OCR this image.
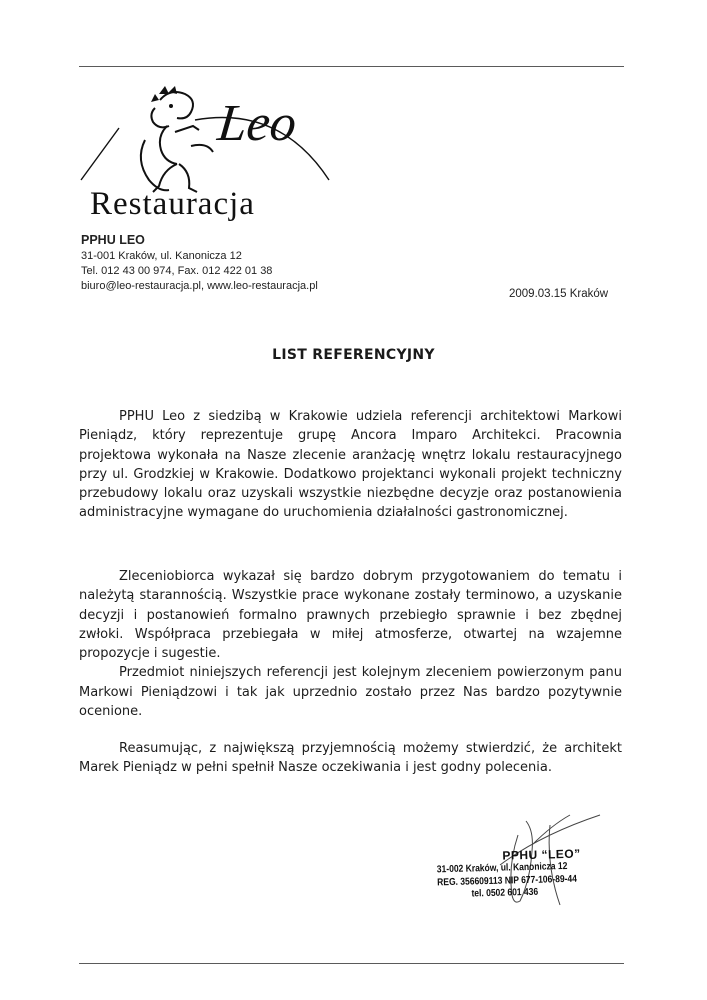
Leo
Restauracja
PPHU LEO
31-001 Kraków, ul. Kanonicza 12
Tel. 012 43 00 974, Fax. 012 422 01 38
biuro@leo-restauracja.pl, www.leo-restauracja.pl
2009.03.15 Kraków
LIST REFERENCYJNY

PPHU Leo z siedzibą w Krakowie udziela referencji architektowi Markowi Pieniądz, który reprezentuje grupę Ancora Imparo Architekci. Pracownia projektowa wykonała na Nasze zlecenie aranżację wnętrz lokalu restauracyjnego przy ul. Grodzkiej w Krakowie. Dodatkowo projektanci wykonali projekt techniczny przebudowy lokalu oraz uzyskali wszystkie niezbędne decyzje oraz postanowienia administracyjne wymagane do uruchomienia działalności gastronomicznej.

Zleceniobiorca wykazał się bardzo dobrym przygotowaniem do tematu i należytą starannością. Wszystkie prace wykonane zostały terminowo, a uzyskanie decyzji i postanowień formalno prawnych przebiegło sprawnie i bez zbędnej zwłoki. Współpraca przebiegała w miłej atmosferze, otwartej na wzajemne propozycje i sugestie.

Przedmiot niniejszych referencji jest kolejnym zleceniem powierzonym panu Markowi Pieniądzowi i tak jak uprzednio zostało przez Nas bardzo pozytywnie ocenione.

Reasumując, z największą przyjemnością możemy stwierdzić, że architekt Marek Pieniądz w pełni spełnił Nasze oczekiwania i jest godny polecenia.

PPHU “LEO”
31-002 Kraków, ul. Kanonicza 12
REG. 356609113 NIP 677-106-89-44
tel. 0502 601 436
